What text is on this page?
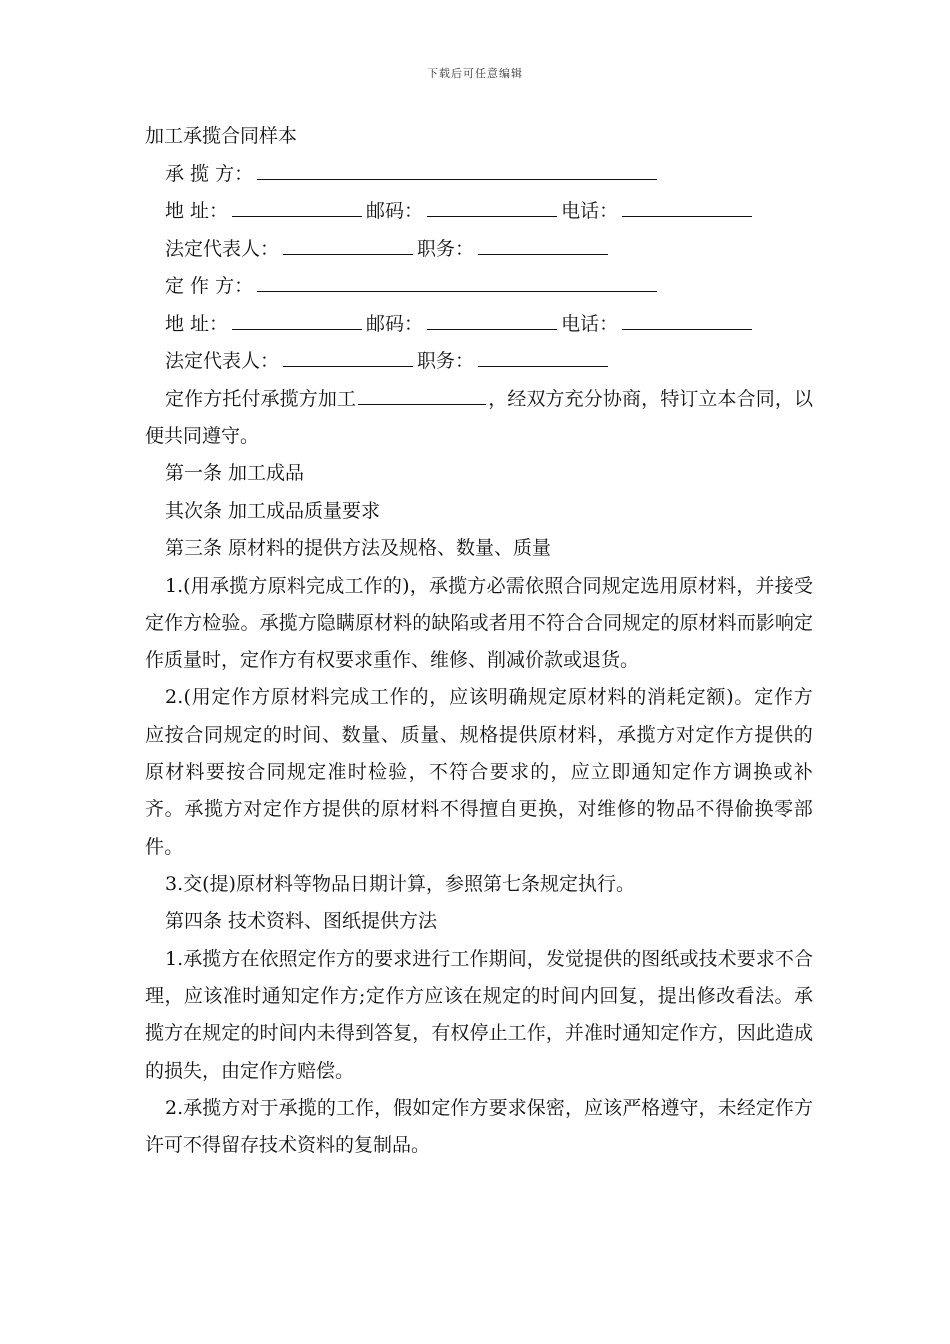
下载后可任意编辑
加工承揽合同样本
承 揽 方：
地 址：	邮码：	电话：
法定代表人：	职务：
定 作 方：
地 址：	邮码：	电话：
法定代表人：	职务：
定作方托付承揽方加工	，经双方充分协商，特订立本合同，以便共同遵守。
第一条 加工成品
其次条 加工成品质量要求
第三条 原材料的提供方法及规格、数量、质量
1.(用承揽方原料完成工作的)，承揽方必需依照合同规定选用原材料，并接受定作方检验。承揽方隐瞒原材料的缺陷或者用不符合合同规定的原材料而影响定作质量时，定作方有权要求重作、维修、削减价款或退货。
2.(用定作方原材料完成工作的，应该明确规定原材料的消耗定额)。定作方应按合同规定的时间、数量、质量、规格提供原材料，承揽方对定作方提供的原材料要按合同规定准时检验，不符合要求的，应立即通知定作方调换或补齐。承揽方对定作方提供的原材料不得擅自更换，对维修的物品不得偷换零部件。
3.交(提)原材料等物品日期计算，参照第七条规定执行。
第四条 技术资料、图纸提供方法
1.承揽方在依照定作方的要求进行工作期间，发觉提供的图纸或技术要求不合理，应该准时通知定作方;定作方应该在规定的时间内回复，提出修改看法。承揽方在规定的时间内未得到答复，有权停止工作，并准时通知定作方，因此造成的损失，由定作方赔偿。
2.承揽方对于承揽的工作，假如定作方要求保密，应该严格遵守，未经定作方许可不得留存技术资料的复制品。
